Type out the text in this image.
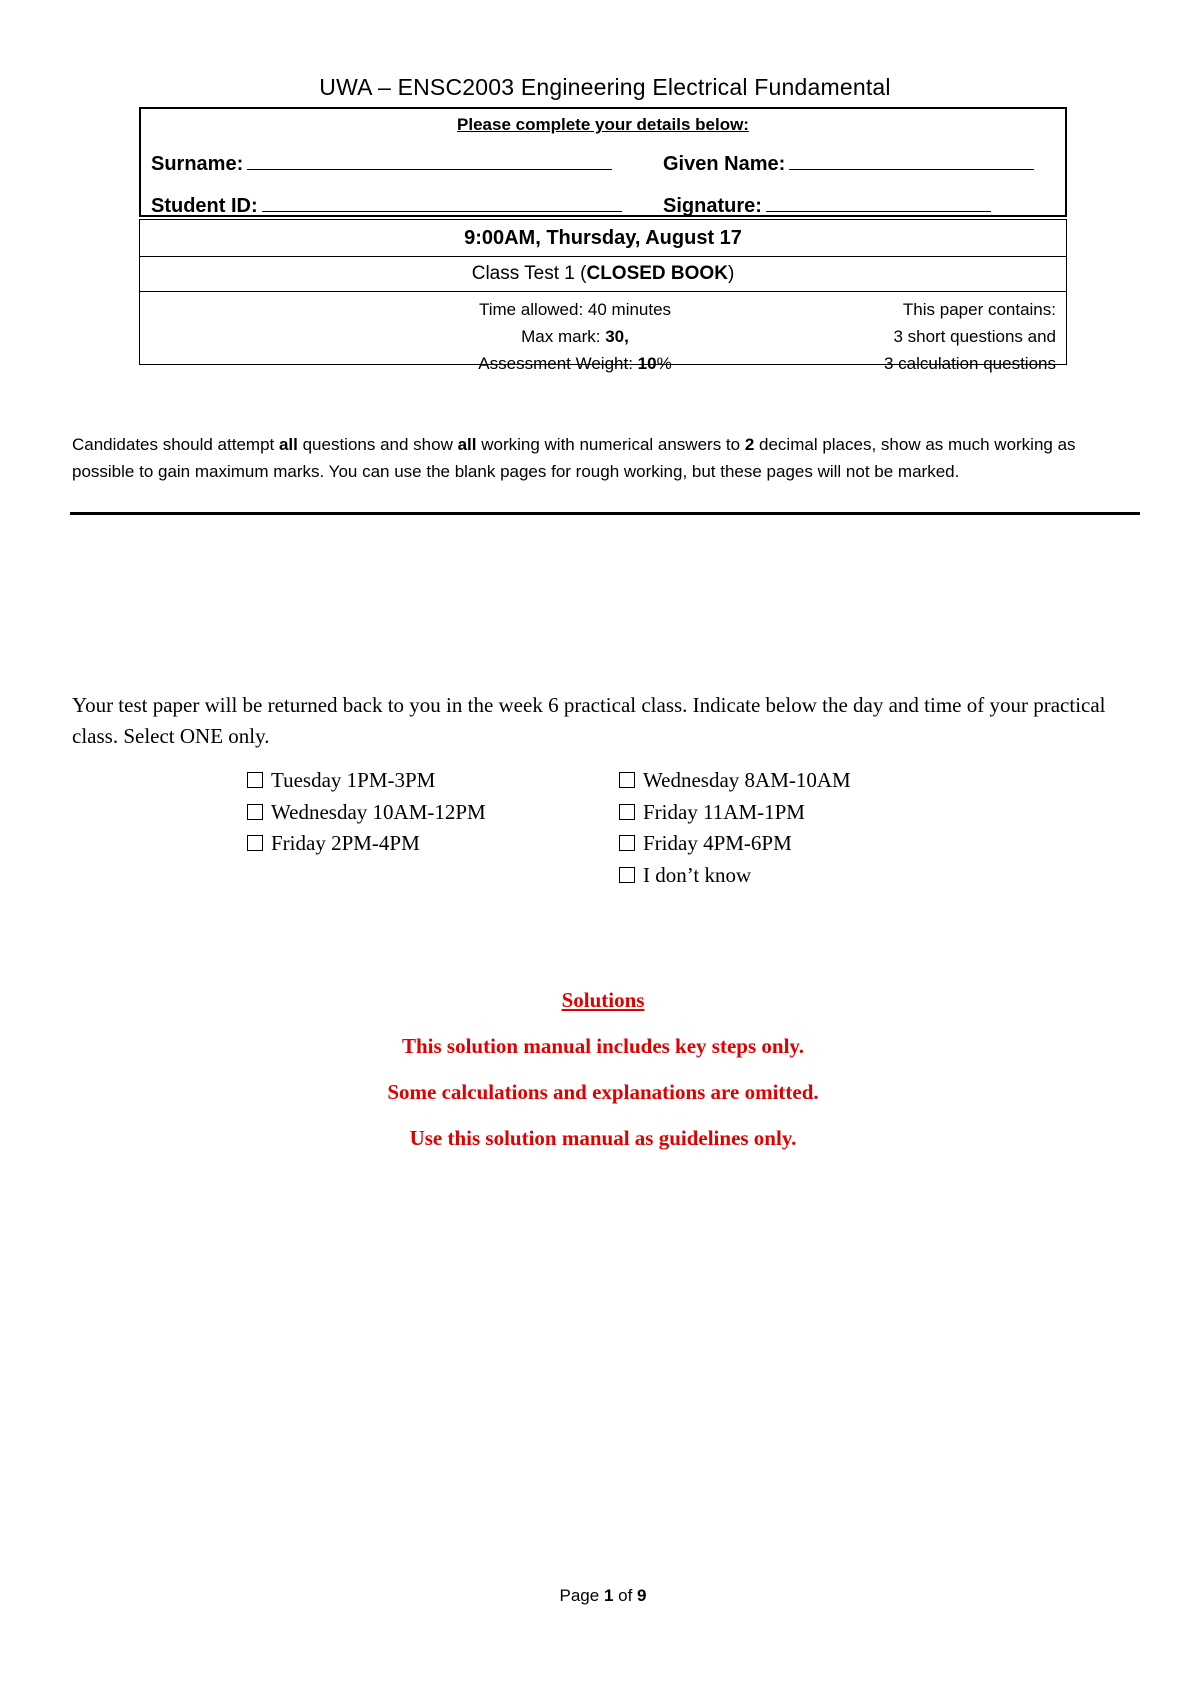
UWA – ENSC2003 Engineering Electrical Fundamental
Please complete your details below:
Surname:	Given Name:
Student ID:	Signature:
9:00AM, Thursday, August 17
Class Test 1 (CLOSED BOOK)

Time allowed: 40 minutes
Max mark: 30,
Assessment Weight: 10%
This paper contains:
3 short questions and
3 calculation questions
Candidates should attempt all questions and show all working with numerical answers to 2 decimal places, show as much working as possible to gain maximum marks. You can use the blank pages for rough working, but these pages will not be marked.
Your test paper will be returned back to you in the week 6 practical class. Indicate below the day and time of your practical class. Select ONE only.
Tuesday 1PM-3PM
Wednesday 10AM-12PM
Friday 2PM-4PM
Wednesday 8AM-10AM
Friday 11AM-1PM
Friday 4PM-6PM
I don’t know
Solutions
This solution manual includes key steps only.
Some calculations and explanations are omitted.
Use this solution manual as guidelines only.
Page 1 of 9
